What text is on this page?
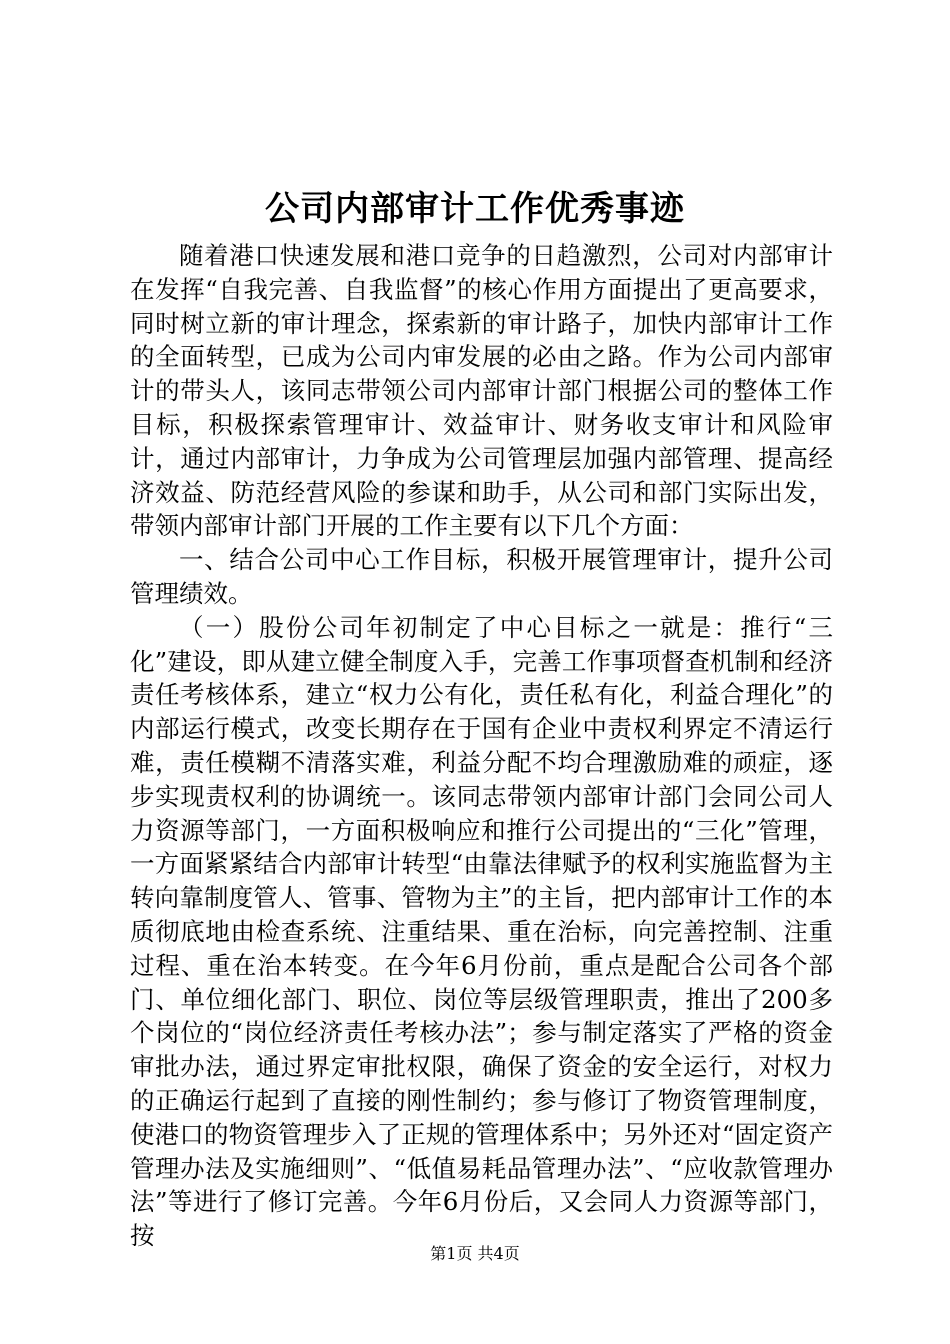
公司内部审计工作优秀事迹

随着港口快速发展和港口竞争的日趋激烈，公司对内部审计在发挥“自我完善、自我监督”的核心作用方面提出了更高要求，同时树立新的审计理念，探索新的审计路子，加快内部审计工作的全面转型，已成为公司内审发展的必由之路。作为公司内部审计的带头人，该同志带领公司内部审计部门根据公司的整体工作目标，积极探索管理审计、效益审计、财务收支审计和风险审计，通过内部审计，力争成为公司管理层加强内部管理、提高经济效益、防范经营风险的参谋和助手，从公司和部门实际出发，带领内部审计部门开展的工作主要有以下几个方面：

一、结合公司中心工作目标，积极开展管理审计，提升公司管理绩效。

（一）股份公司年初制定了中心目标之一就是：推行“三化”建设，即从建立健全制度入手，完善工作事项督查机制和经济责任考核体系，建立“权力公有化，责任私有化，利益合理化”的内部运行模式，改变长期存在于国有企业中责权利界定不清运行难，责任模糊不清落实难，利益分配不均合理激励难的顽症，逐步实现责权利的协调统一。该同志带领内部审计部门会同公司人力资源等部门，一方面积极响应和推行公司提出的“三化”管理，一方面紧紧结合内部审计转型“由靠法律赋予的权利实施监督为主转向靠制度管人、管事、管物为主”的主旨，把内部审计工作的本质彻底地由检查系统、注重结果、重在治标，向完善控制、注重过程、重在治本转变。在今年6月份前，重点是配合公司各个部门、单位细化部门、职位、岗位等层级管理职责，推出了200多个岗位的“岗位经济责任考核办法”；参与制定落实了严格的资金审批办法，通过界定审批权限，确保了资金的安全运行，对权力的正确运行起到了直接的刚性制约；参与修订了物资管理制度，使港口的物资管理步入了正规的管理体系中；另外还对“固定资产管理办法及实施细则”、“低值易耗品管理办法”、“应收款管理办法”等进行了修订完善。今年6月份后，又会同人力资源等部门，按

第1页 共4页
